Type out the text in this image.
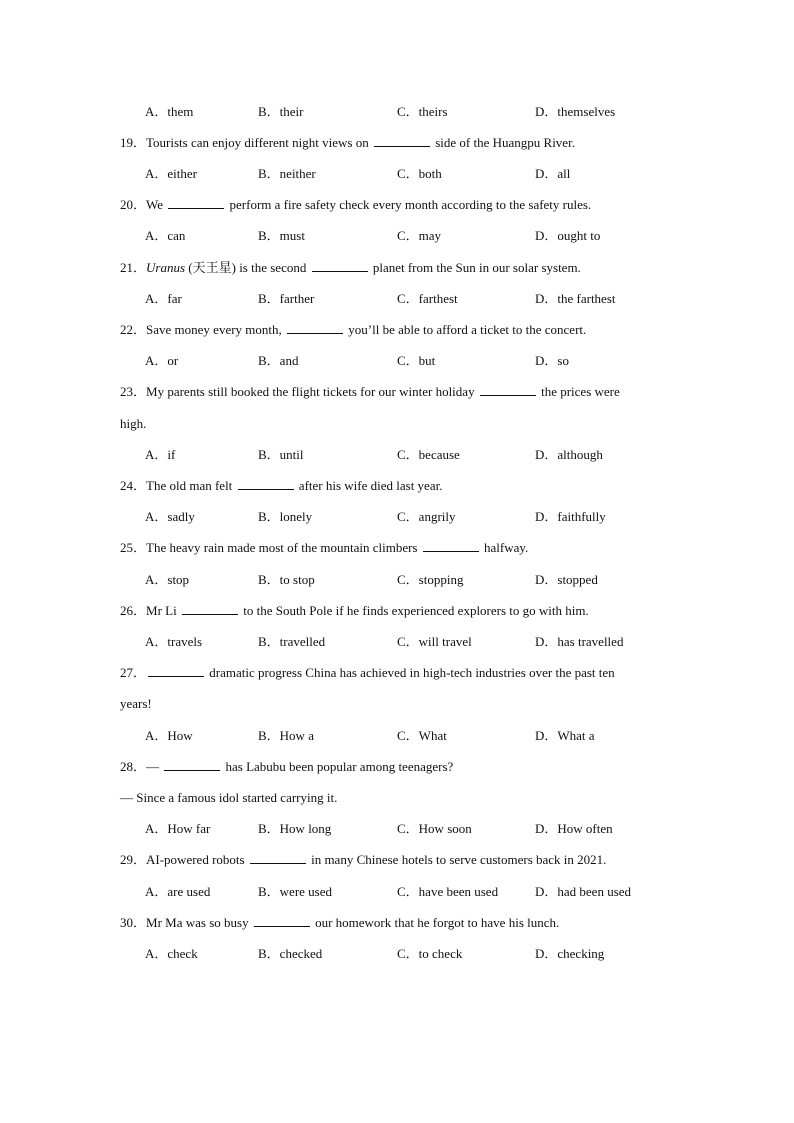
A．them	B．their	C．theirs	D．themselves
19．Tourists can enjoy different night views on	side of the Huangpu River.
A．either	B．neither	C．both	D．all
20．We	perform a fire safety check every month according to the safety rules.
A．can	B．must	C．may	D．ought to
21．Uranus (天王星) is the second	planet from the Sun in our solar system.
A．far	B．farther	C．farthest	D．the farthest
22．Save money every month,	you’ll be able to afford a ticket to the concert.
A．or	B．and	C．but	D．so
23．My parents still booked the flight tickets for our winter holiday	the prices were
high.
A．if	B．until	C．because	D．although
24．The old man felt	after his wife died last year.
A．sadly	B．lonely	C．angrily	D．faithfully
25．The heavy rain made most of the mountain climbers	halfway.
A．stop	B．to stop	C．stopping	D．stopped
26．Mr Li	to the South Pole if he finds experienced explorers to go with him.
A．travels	B．travelled	C．will travel	D．has travelled
27．	dramatic progress China has achieved in high-tech industries over the past ten
years!
A．How	B．How a	C．What	D．What a
28．—	has Labubu been popular among teenagers?
— Since a famous idol started carrying it.
A．How far	B．How long	C．How soon	D．How often
29．AI-powered robots	in many Chinese hotels to serve customers back in 2021.
A．are used	B．were used	C．have been used	D．had been used
30．Mr Ma was so busy	our homework that he forgot to have his lunch.
A．check	B．checked	C．to check	D．checking
